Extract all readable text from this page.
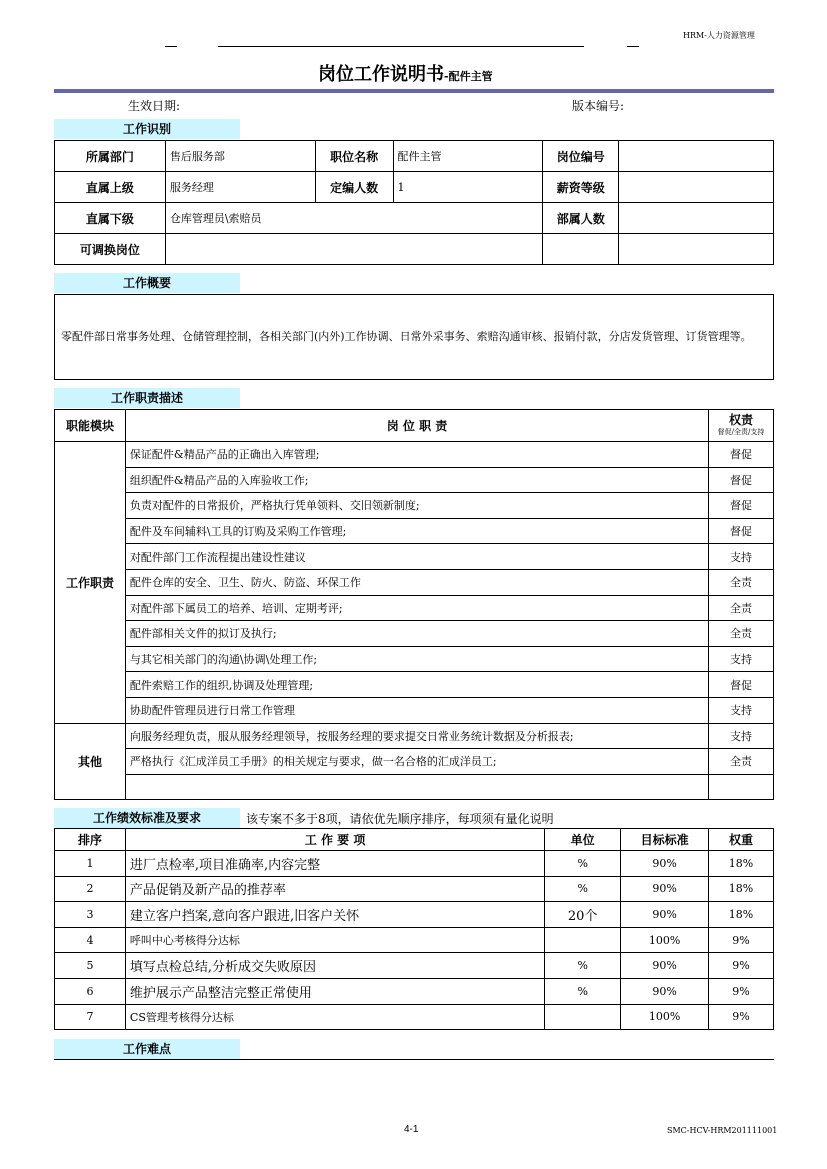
HRM-人力资源管理
岗位工作说明书-配件主管
生效日期:	版本编号:
工作识别
所属部门	售后服务部	职位名称	配件主管	岗位编号	
直属上级	服务经理	定编人数	1	薪资等级	
直属下级	仓库管理员\索赔员			部属人数	
可调换岗位					
工作概要
零配件部日常事务处理、仓储管理控制，各相关部门(内外)工作协调、日常外采事务、索赔沟通审核、报销付款，分店发货管理、订货管理等。
工作职责描述
职能模块	岗 位 职 责	权责
督促/全责/支持

工作职责	保证配件&精品产品的正确出入库管理;	督促
	组织配件&精品产品的入库验收工作;	督促
	负责对配件的日常报价，严格执行凭单领料、交旧领新制度;	督促
	配件及车间辅料\工具的订购及采购工作管理;	督促
	对配件部门工作流程提出建设性建议	支持
	配件仓库的安全、卫生、防火、防盗、环保工作	全责
	对配件部下属员工的培养、培训、定期考评;	全责
	配件部相关文件的拟订及执行;	全责
	与其它相关部门的沟通\协调\处理工作;	支持
	配件索赔工作的组织,协调及处理管理;	督促
	协助配件管理员进行日常工作管理	支持
其他	向服务经理负责，服从服务经理领导，按服务经理的要求提交日常业务统计数据及分析报表;	支持
	严格执行《汇成洋员工手册》的相关规定与要求，做一名合格的汇成洋员工;	全责

工作绩效标准及要求	该专案不多于8项，请依优先顺序排序，每项须有量化说明
排序	工 作 要 项	单位	目标标准	权重
1	进厂点检率,项目准确率,内容完整	%	90%	18%
2	产品促销及新产品的推荐率	%	90%	18%
3	建立客户挡案,意向客户跟进,旧客户关怀	20个	90%	18%
4	呼叫中心考核得分达标		100%	9%
5	填写点检总结,分析成交失败原因	%	90%	9%
6	维护展示产品整洁完整正常使用	%	90%	9%
7	CS管理考核得分达标		100%	9%
工作难点
4-1	SMC-HCV-HRM201111001
